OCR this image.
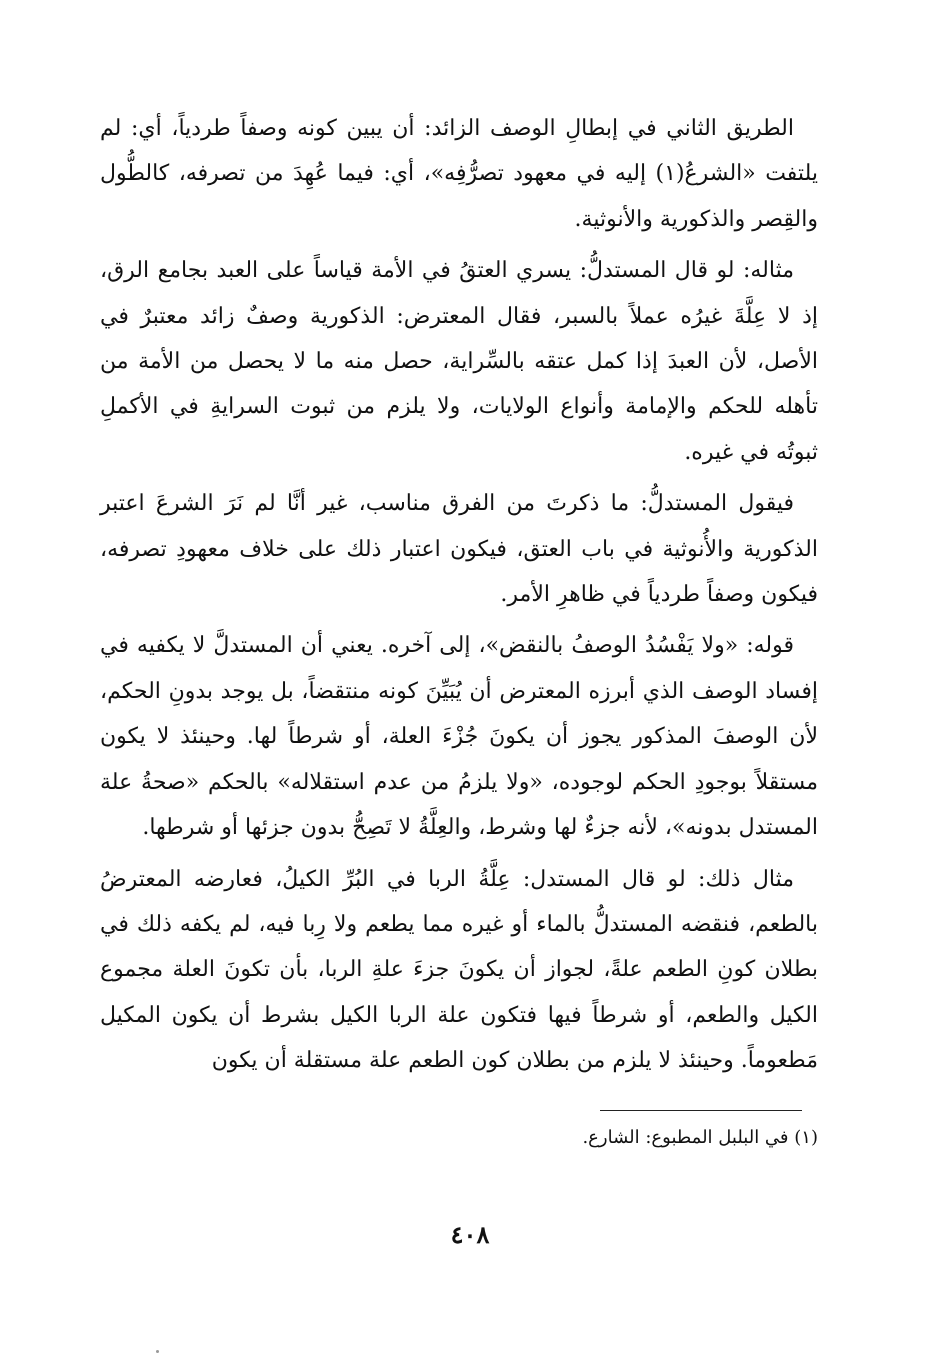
الطريق الثاني في إبطالِ الوصف الزائد: أن يبين كونه وصفاً طردياً، أي: لم يلتفت «الشرعُ(١) إليه في معهود تصرُّفِه»، أي: فيما عُهِدَ من تصرفه، كالطُّول والقِصر والذكورية والأنوثية.

مثاله: لو قال المستدلُّ: يسري العتقُ في الأمة قياساً على العبد بجامع الرق، إذ لا عِلَّةَ غيرُه عملاً بالسبر، فقال المعترض: الذكورية وصفٌ زائد معتبرٌ في الأصل، لأن العبدَ إذا كمل عتقه بالسِّراية، حصل منه ما لا يحصل من الأمة من تأهله للحكم والإمامة وأنواع الولايات، ولا يلزم من ثبوت السرايةِ في الأكملِ ثبوتُه في غيره.

فيقول المستدلُّ: ما ذكرتَ من الفرق مناسب، غير أنَّا لم نَرَ الشرعَ اعتبر الذكورية والأُنوثية في باب العتق، فيكون اعتبار ذلك على خلاف معهودِ تصرفه، فيكون وصفاً طردياً في ظاهرِ الأمر.

قوله: «ولا يَفْسُدُ الوصفُ بالنقض»، إلى آخره. يعني أن المستدلَّ لا يكفيه في إفساد الوصف الذي أبرزه المعترض أن يُبَيِّنَ كونه منتقضاً، بل يوجد بدونِ الحكم، لأن الوصفَ المذكور يجوز أن يكونَ جُزْءَ العلة، أو شرطاً لها. وحينئذ لا يكون مستقلاً بوجودِ الحكم لوجوده، «ولا يلزمُ من عدم استقلاله» بالحكم «صحةُ علة المستدل بدونه»، لأنه جزءٌ لها وشرط، والعِلَّةُ لا تَصِحُّ بدون جزئها أو شرطها.

مثال ذلك: لو قال المستدل: عِلَّةُ الربا في البُرِّ الكيلُ، فعارضه المعترضُ بالطعم، فنقضه المستدلُّ بالماء أو غيره مما يطعم ولا رِبا فيه، لم يكفه ذلك في بطلان كونِ الطعم علةً، لجواز أن يكونَ جزءَ علةِ الربا، بأن تكونَ العلة مجموع الكيل والطعم، أو شرطاً فيها فتكون علة الربا الكيل بشرط أن يكون المكيل مَطعوماً. وحينئذ لا يلزم من بطلان كون الطعم علة مستقلة أن يكون

(١) في البلبل المطبوع: الشارع.
٤٠٨
